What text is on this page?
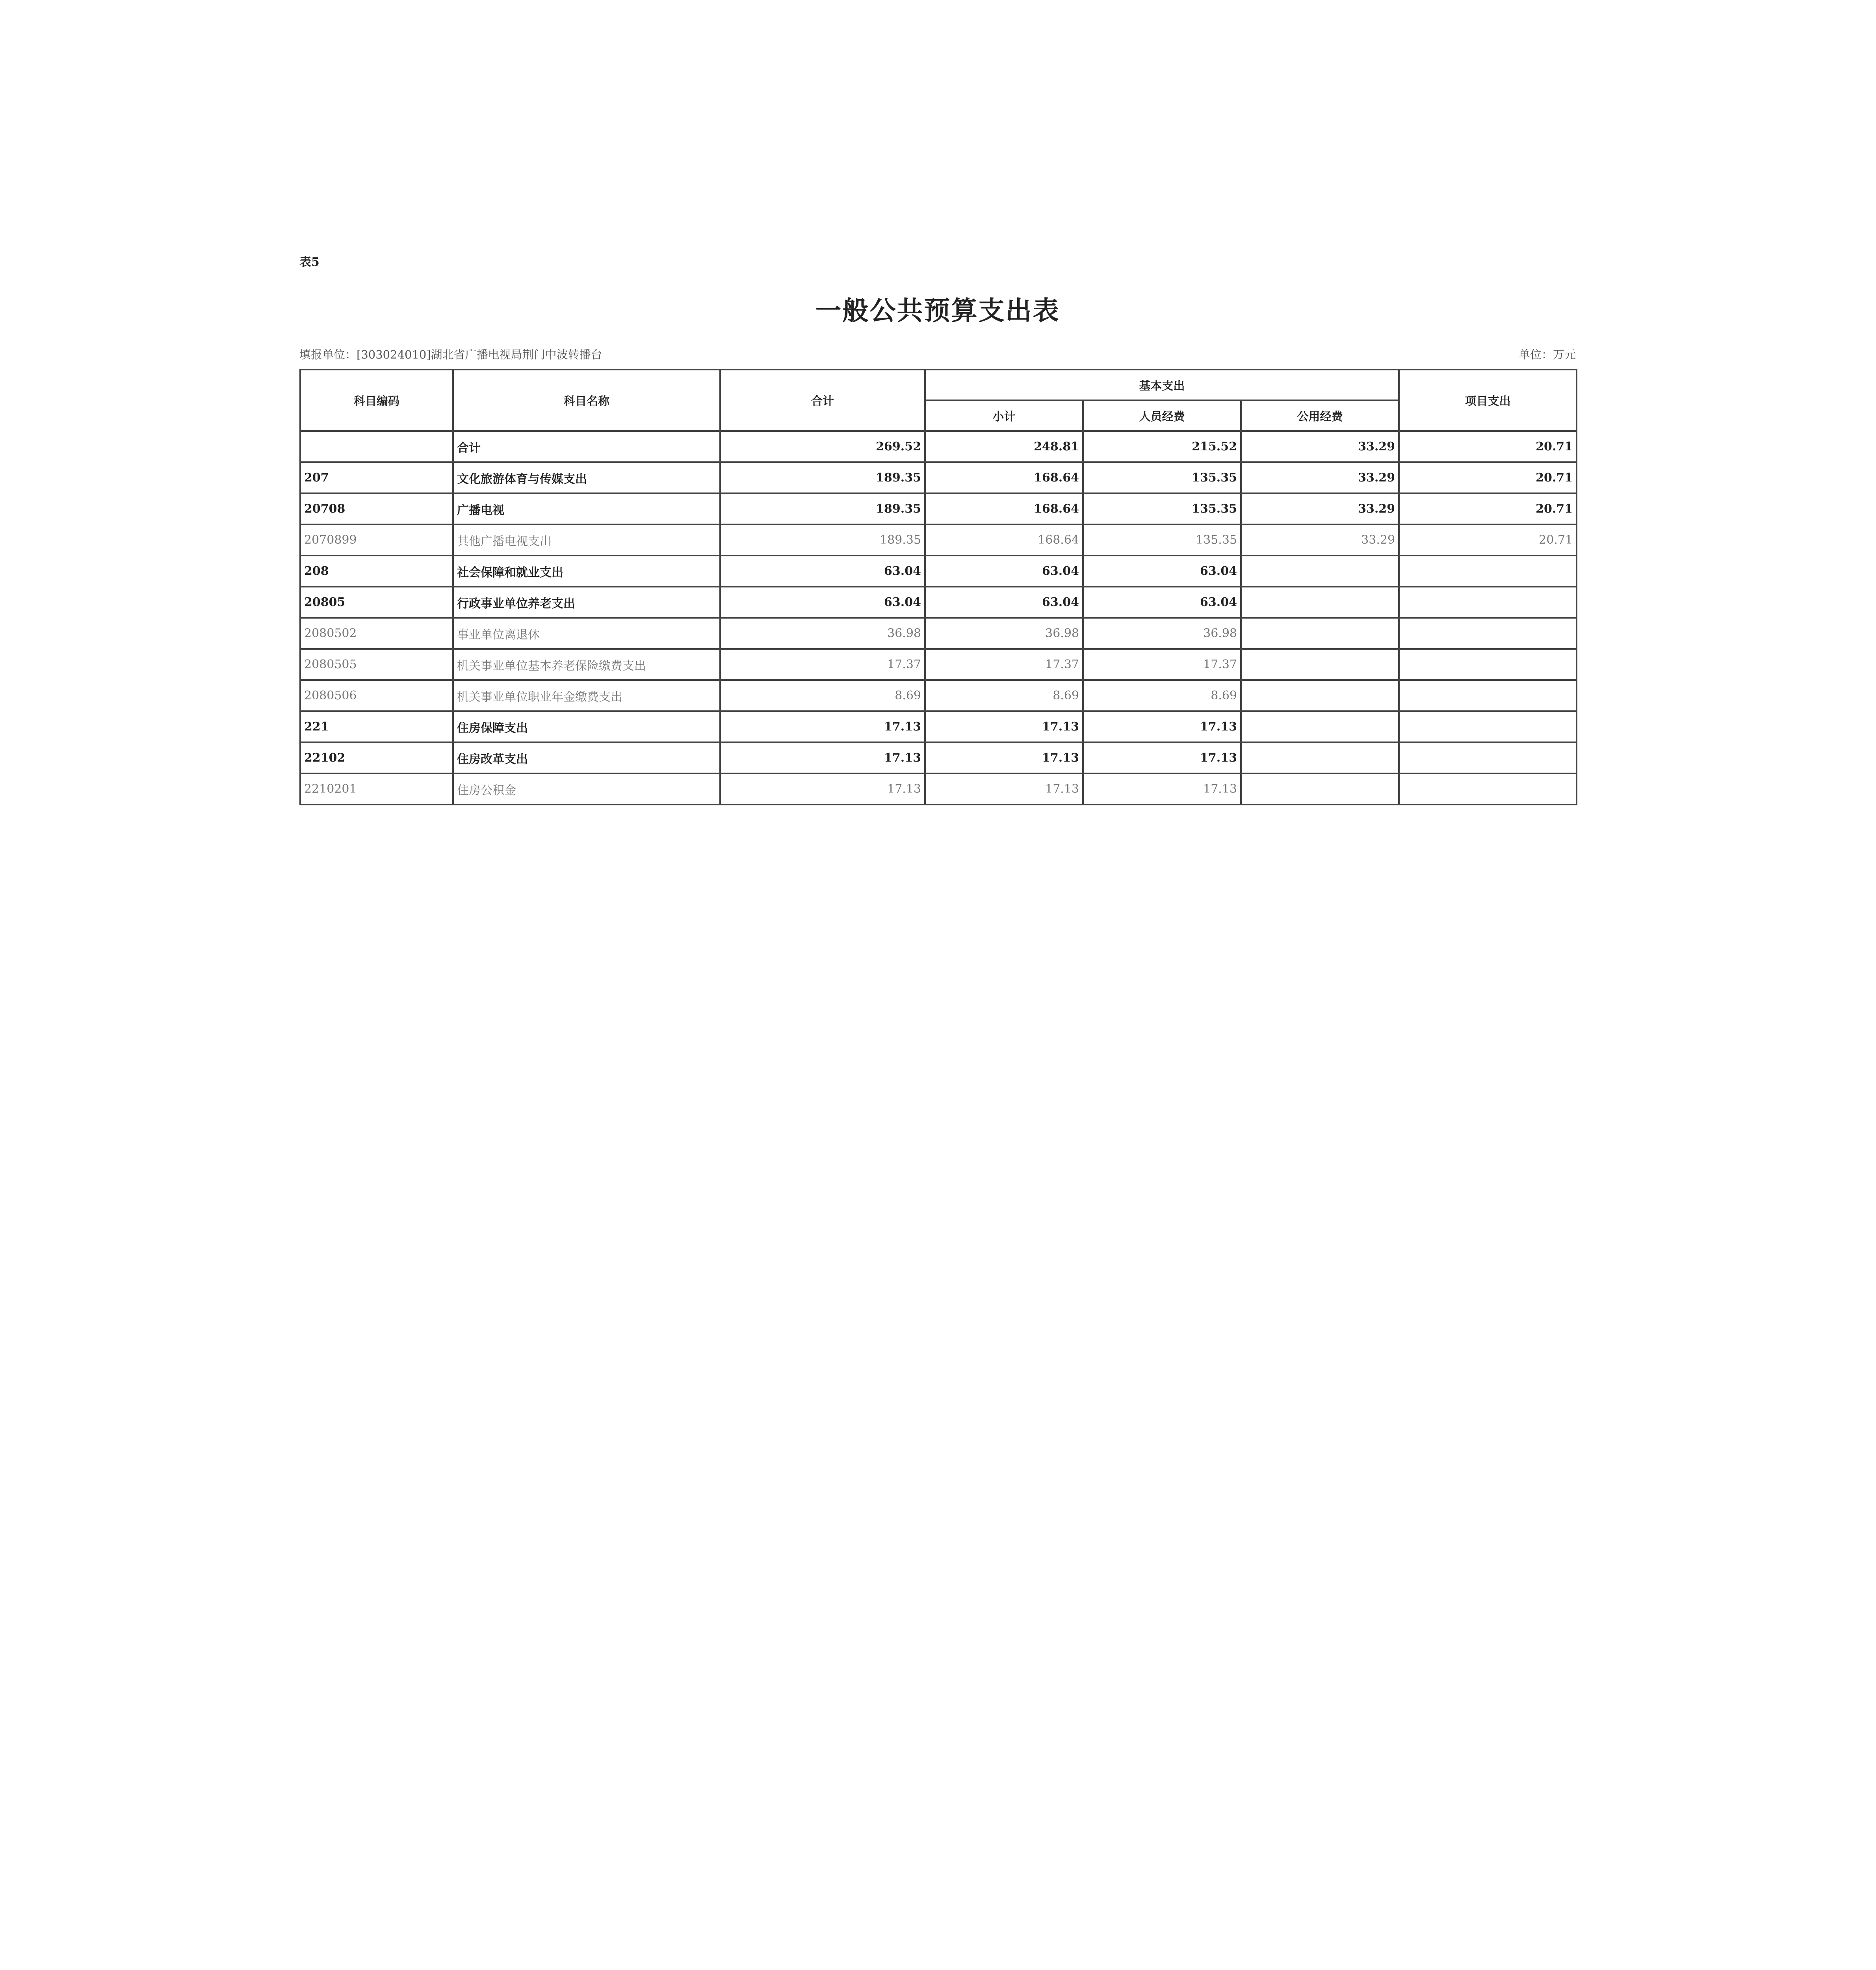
表5
一般公共预算支出表
填报单位：[303024010]湖北省广播电视局荆门中波转播台	单位：万元
科目编码	科目名称	合计	基本支出			项目支出
			小计	人员经费	公用经费	
	合计	269.52	248.81	215.52	33.29	20.71
207	文化旅游体育与传媒支出	189.35	168.64	135.35	33.29	20.71
20708	广播电视	189.35	168.64	135.35	33.29	20.71
2070899	其他广播电视支出	189.35	168.64	135.35	33.29	20.71
208	社会保障和就业支出	63.04	63.04	63.04		
20805	行政事业单位养老支出	63.04	63.04	63.04		
2080502	事业单位离退休	36.98	36.98	36.98		
2080505	机关事业单位基本养老保险缴费支出	17.37	17.37	17.37		
2080506	机关事业单位职业年金缴费支出	8.69	8.69	8.69		
221	住房保障支出	17.13	17.13	17.13		
22102	住房改革支出	17.13	17.13	17.13		
2210201	住房公积金	17.13	17.13	17.13		
